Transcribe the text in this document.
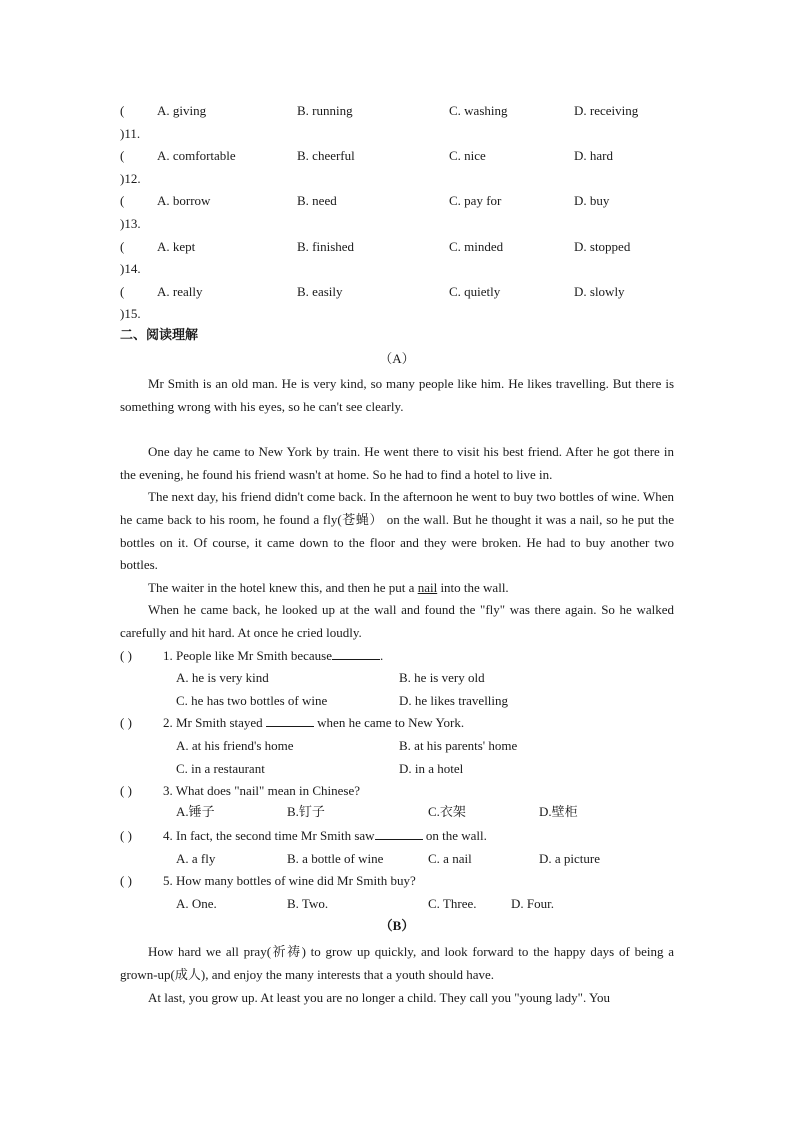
(	A. giving	B. running	C. washing	D. receiving
)11.
(	A. comfortable	B. cheerful	C. nice	D. hard
)12.
(	A. borrow	B. need	C. pay for	D. buy
)13.
(	A. kept	B. finished	C. minded	D. stopped
)14.
(	A. really	B. easily	C. quietly	D. slowly
)15.
二、阅读理解
（A）

Mr Smith is an old man. He is very kind, so many people like him. He likes travelling. But there is something wrong with his eyes, so he can't see clearly.

One day he came to New York by train. He went there to visit his best friend. After he got there in the evening, he found his friend wasn't at home. So he had to find a hotel to live in.

The next day, his friend didn't come back. In the afternoon he went to buy two bottles of wine. When he came back to his room, he found a fly(苍蝇） on the wall. But he thought it was a nail, so he put the bottles on it. Of course, it came down to the floor and they were broken. He had to buy another two bottles.

The waiter in the hotel knew this, and then he put a nail into the wall.

When he came back, he looked up at the wall and found the "fly" was there again. So he walked carefully and hit hard. At once he cried loudly.

( ) 1. People like Mr Smith because	.
A. he is very kind	B. he is very old
C. he has two bottles of wine	D. he likes travelling
( ) 2. Mr Smith stayed	when he came to New York.
A. at his friend's home	B. at his parents' home
C. in a restaurant	D. in a hotel
( ) 3. What does "nail" mean in Chinese?
A.锤子	B.钉子	C.衣架	D.壁柜
( ) 4. In fact, the second time Mr Smith saw	on the wall.
A. a fly	B. a bottle of wine	C. a nail	D. a picture
( ) 5. How many bottles of wine did Mr Smith buy?
A. One.	B. Two.	C. Three.	D. Four.
（B）

How hard we all pray(祈祷) to grow up quickly, and look forward to the happy days of being a grown-up(成人), and enjoy the many interests that a youth should have.

At last, you grow up. At least you are no longer a child. They call you "young lady". You
